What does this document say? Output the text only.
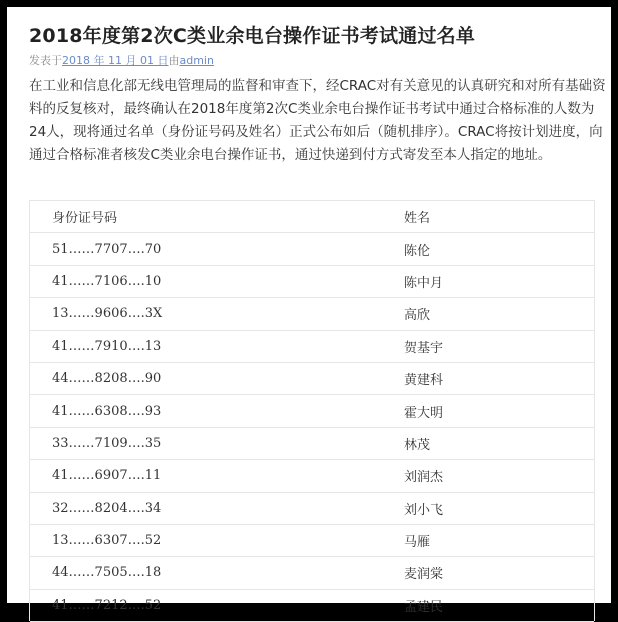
2018年度第2次C类业余电台操作证书考试通过名单
发表于2018 年 11 月 01 日由admin
在工业和信息化部无线电管理局的监督和审查下，经CRAC对有关意见的认真研究和对所有基础资料的反复核对，最终确认在2018年度第2次C类业余电台操作证书考试中通过合格标准的人数为24人，现将通过名单（身份证号码及姓名）正式公布如后（随机排序）。CRAC将按计划进度，向通过合格标准者核发C类业余电台操作证书，通过快递到付方式寄发至本人指定的地址。
身份证号码	姓名
51……7707….70	陈伦
41……7106….10	陈中月
13……9606….3X	高欣
41……7910….13	贺基宇
44……8208….90	黄建科
41……6308….93	霍大明
33……7109….35	林茂
41……6907….11	刘润杰
32……8204….34	刘小飞
13……6307….52	马雁
44……7505….18	麦润棠
41……7212….52	孟建民
20181013郑州C类考试
